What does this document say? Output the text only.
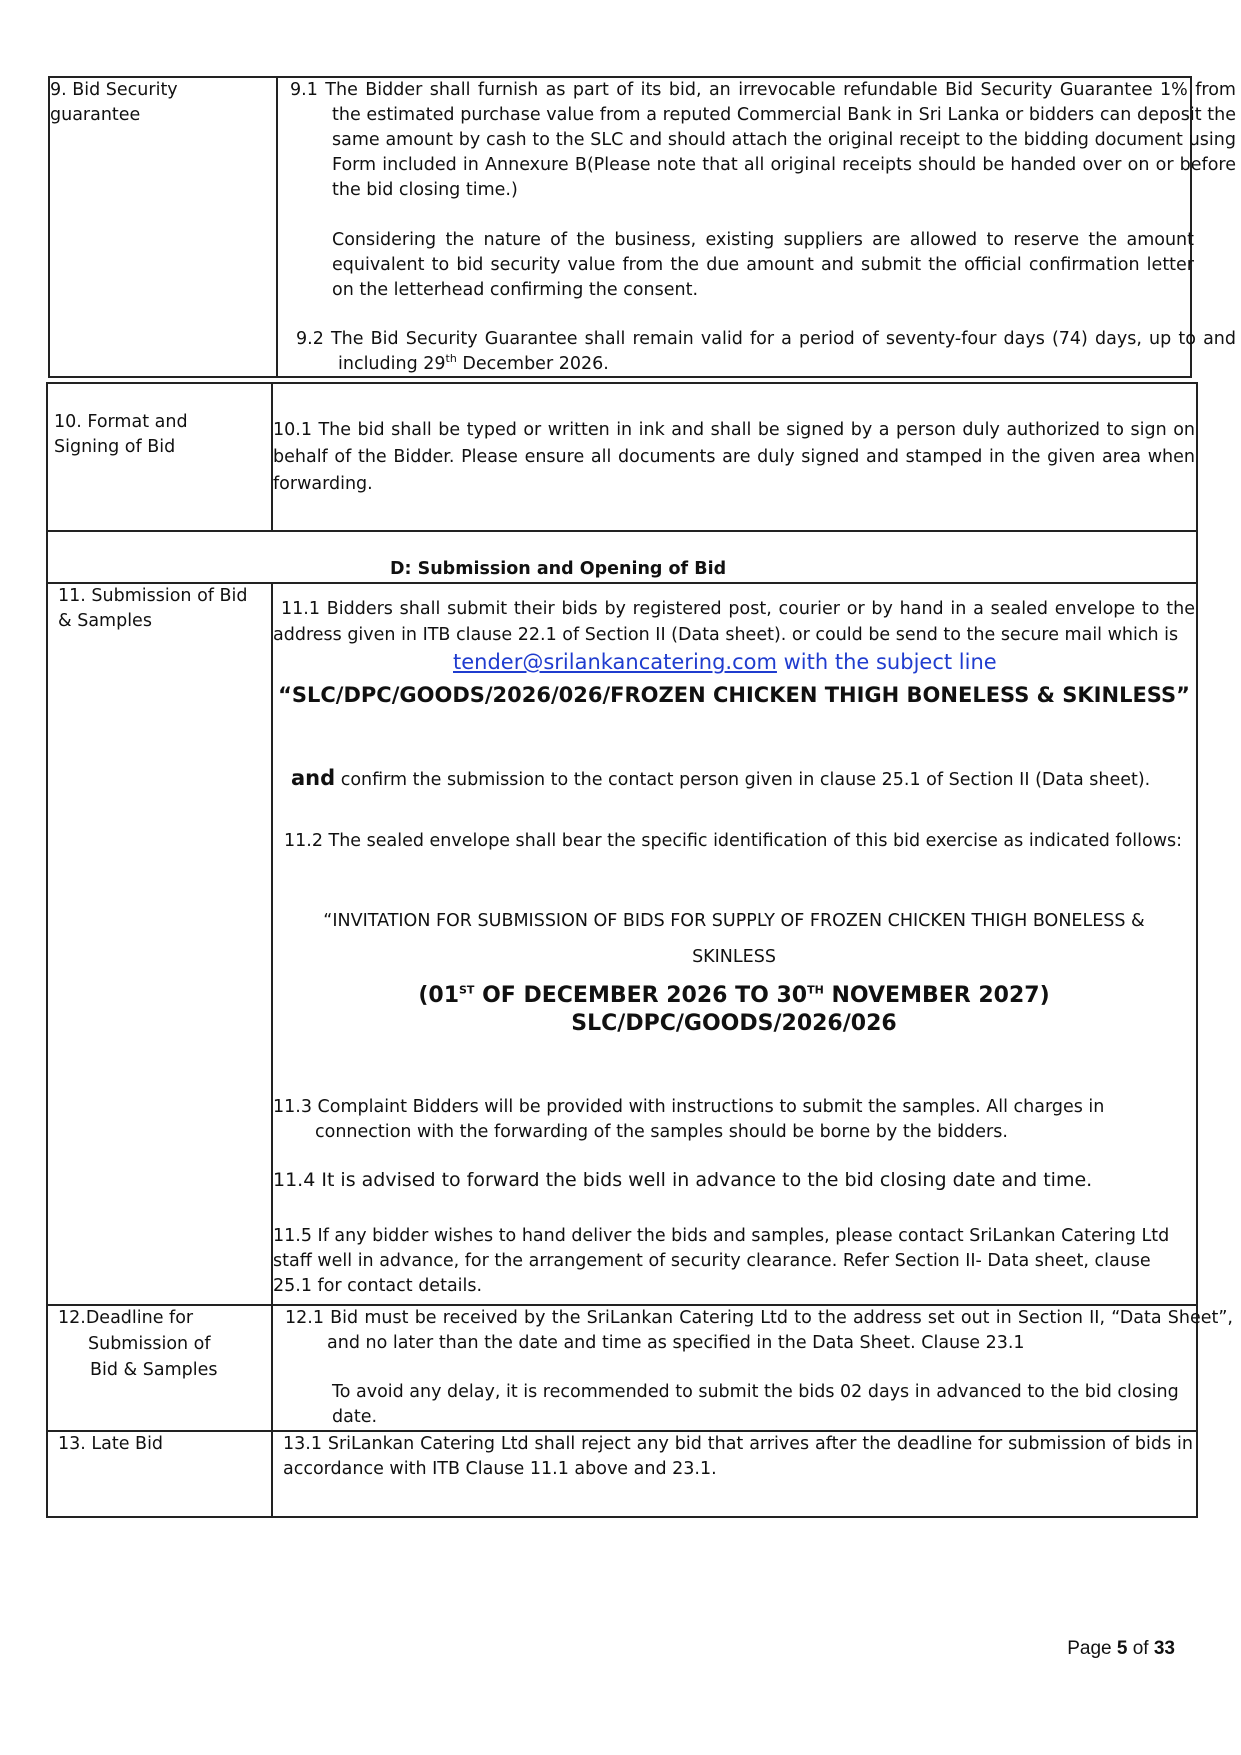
9. Bid Security guarantee
9.1 The Bidder shall furnish as part of its bid, an irrevocable refundable Bid Security Guarantee 1% from the estimated purchase value from a reputed Commercial Bank in Sri Lanka or bidders can deposit the same amount by cash to the SLC and should attach the original receipt to the bidding document using Form included in Annexure B(Please note that all original receipts should be handed over on or before the bid closing time.)
Considering the nature of the business, existing suppliers are allowed to reserve the amount equivalent to bid security value from the due amount and submit the official confirmation letter on the letterhead confirming the consent.
9.2 The Bid Security Guarantee shall remain valid for a period of seventy-four days (74) days, up to and including 29th December 2026.
10. Format and Signing of Bid
10.1 The bid shall be typed or written in ink and shall be signed by a person duly authorized to sign on behalf of the Bidder. Please ensure all documents are duly signed and stamped in the given area when forwarding.
D: Submission and Opening of Bid
11. Submission of Bid & Samples
11.1 Bidders shall submit their bids by registered post, courier or by hand in a sealed envelope to the address given in ITB clause 22.1 of Section II (Data sheet). or could be send to the secure mail which is
tender@srilankancatering.com with the subject line
“SLC/DPC/GOODS/2026/026/FROZEN CHICKEN THIGH BONELESS & SKINLESS”
and confirm the submission to the contact person given in clause 25.1 of Section II (Data sheet).
11.2 The sealed envelope shall bear the specific identification of this bid exercise as indicated follows:
“INVITATION FOR SUBMISSION OF BIDS FOR SUPPLY OF FROZEN CHICKEN THIGH BONELESS &
SKINLESS
(01ST OF DECEMBER 2026 TO 30TH NOVEMBER 2027)
SLC/DPC/GOODS/2026/026
11.3 Complaint Bidders will be provided with instructions to submit the samples. All charges in connection with the forwarding of the samples should be borne by the bidders.
11.4 It is advised to forward the bids well in advance to the bid closing date and time.
11.5 If any bidder wishes to hand deliver the bids and samples, please contact SriLankan Catering Ltd staff well in advance, for the arrangement of security clearance. Refer Section II- Data sheet, clause 25.1 for contact details.
12.Deadline for
Submission of
Bid & Samples
12.1 Bid must be received by the SriLankan Catering Ltd to the address set out in Section II, “Data Sheet”, and no later than the date and time as specified in the Data Sheet. Clause 23.1
To avoid any delay, it is recommended to submit the bids 02 days in advanced to the bid closing date.
13. Late Bid	13.1 SriLankan Catering Ltd shall reject any bid that arrives after the deadline for submission of bids in accordance with ITB Clause 11.1 above and 23.1.
Page 5 of 33
